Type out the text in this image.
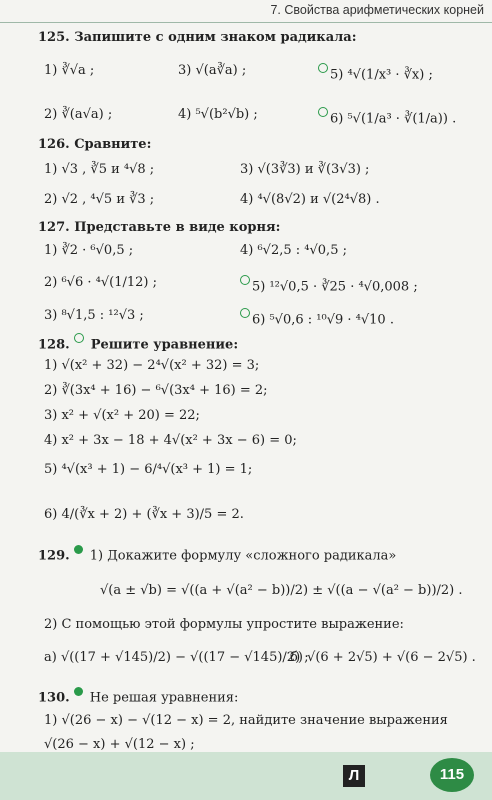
7. Свойства арифметических корней
125. Запишите с одним знаком радикала:
1) ∛√a ;	3) √(a∛a) ;	5) ⁴√(1/x³ · ∛x) ;
2) ∛(a√a) ;	4) ⁵√(b²√b) ;	6) ⁵√(1/a³ · ∛(1/a)) .
126. Сравните:
1) √3 , ∛5 и ⁴√8 ;	3) √(3∛3) и ∛(3√3) ;
2) √2 , ⁴√5 и ∛3 ;	4) ⁴√(8√2) и √(2⁴√8) .
127. Представьте в виде корня:
1) ∛2 · ⁶√0,5 ;	4) ⁶√2,5 : ⁴√0,5 ;
2) ⁶√6 · ⁴√(1/12) ;	5) ¹²√0,5 · ∛25 · ⁴√0,008 ;
3) ⁸√1,5 : ¹²√3 ;	6) ⁵√0,6 : ¹⁰√9 · ⁴√10 .
128. Решите уравнение:
1) √(x² + 32) − 2⁴√(x² + 32) = 3;
2) ∛(3x⁴ + 16) − ⁶√(3x⁴ + 16) = 2;
3) x² + √(x² + 20) = 22;
4) x² + 3x − 18 + 4√(x² + 3x − 6) = 0;
5) ⁴√(x³ + 1) − 6/⁴√(x³ + 1) = 1;
6) 4/(∛x + 2) + (∛x + 3)/5 = 2.
129. 1) Докажите формулу «сложного радикала»
√(a ± √b) = √((a + √(a² − b))/2) ± √((a − √(a² − b))/2) .
2) С помощью этой формулы упростите выражение:
а) √((17 + √145)/2) − √((17 − √145)/2) ;
б) √(6 + 2√5) + √(6 − 2√5) .
130. Не решая уравнения:
1) √(26 − x) − √(12 − x) = 2, найдите значение выражения
√(26 − x) + √(12 − x) ;
Л	115
